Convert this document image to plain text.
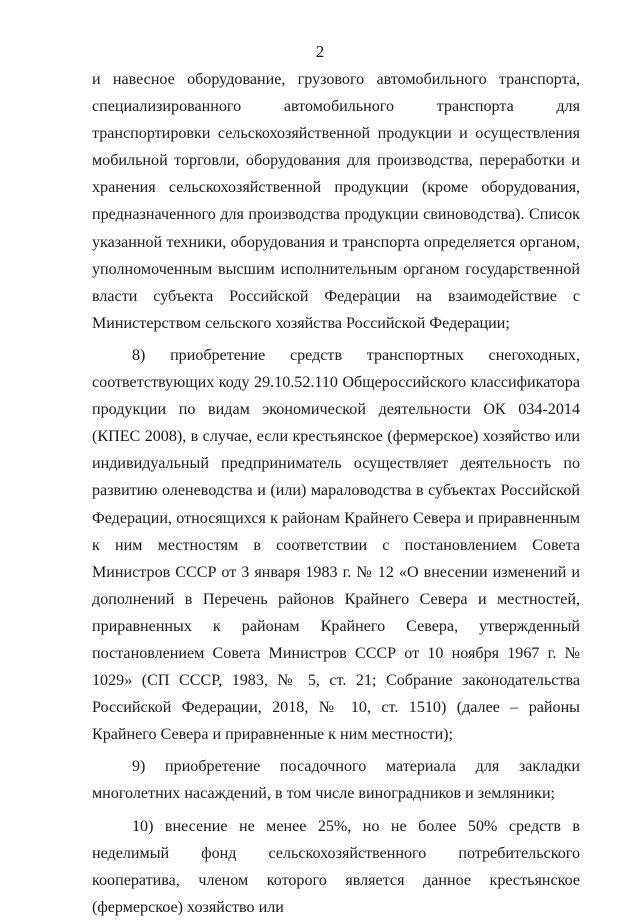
2

и навесное оборудование, грузового автомобильного транспорта, специализированного автомобильного транспорта для транспортировки сельскохозяйственной продукции и осуществления мобильной торговли, оборудования для производства, переработки и хранения сельскохозяйственной продукции (кроме оборудования, предназначенного для производства продукции свиноводства). Список указанной техники, оборудования и транспорта определяется органом, уполномоченным высшим исполнительным органом государственной власти субъекта Российской Федерации на взаимодействие с Министерством сельского хозяйства Российской Федерации;

8) приобретение средств транспортных снегоходных, соответствующих коду 29.10.52.110 Общероссийского классификатора продукции по видам экономической деятельности ОК 034-2014 (КПЕС 2008), в случае, если крестьянское (фермерское) хозяйство или индивидуальный предприниматель осуществляет деятельность по развитию оленеводства и (или) мараловодства в субъектах Российской Федерации, относящихся к районам Крайнего Севера и приравненным к ним местностям в соответствии с постановлением Совета Министров СССР от 3 января 1983 г. № 12 «О внесении изменений и дополнений в Перечень районов Крайнего Севера и местностей, приравненных к районам Крайнего Севера, утвержденный постановлением Совета Министров СССР от 10 ноября 1967 г. № 1029» (СП СССР, 1983, № 5, ст. 21; Собрание законодательства Российской Федерации, 2018, № 10, ст. 1510) (далее – районы Крайнего Севера и приравненные к ним местности);

9) приобретение посадочного материала для закладки многолетних насаждений, в том числе виноградников и земляники;

10) внесение не менее 25%, но не более 50% средств в неделимый фонд сельскохозяйственного потребительского кооператива, членом которого является данное крестьянское (фермерское) хозяйство или
